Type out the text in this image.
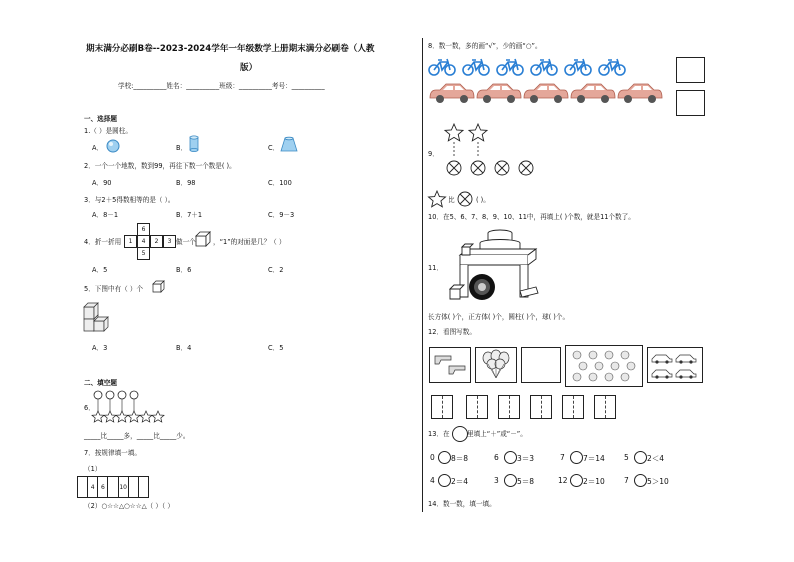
期末满分必刷B卷--2023-2024学年一年级数学上册期末满分必刷卷（人教
版）
学校:__________姓名：__________班级：__________考号：__________
一、选择题
1.（ ）是圆柱。
A．	B．	C．
2．一个一个地数，数到99，再往下数一个数是( )。
A．90	B．98	C．100
3．与2＋5得数相等的是（ ）。
A．8－1	B．7＋1	C．9－3
4．折一折用
6
1	4	2	3
5
做一个	，“1”的对面是几？（ ）
A．5	B．6	C．2
5．下图中有（ ）个
A．3	B．4	C．5
二、填空题
6．
_____比_____多，_____比_____少。
7．按规律填一填。
（1）
4	6	10
（2）○☆☆△○☆☆△（ ）（ ）
8．数一数，多的画“√”，少的画“○”。
9．
比	( )。
10．在5、6、7、8、9、10、11中，再填上( )个数，就是11个数了。
11．
长方体( )个，正方体( )个，圆柱( )个，球( )个。
12．看图写数。
13．在	里填上“＋”或“－”。
0 8＝8	6 3＝3	7 7＝14	5 2＜4
4 2＝4	3 5＝8	12 2＝10	7 5＞10
14．数一数，填一填。
